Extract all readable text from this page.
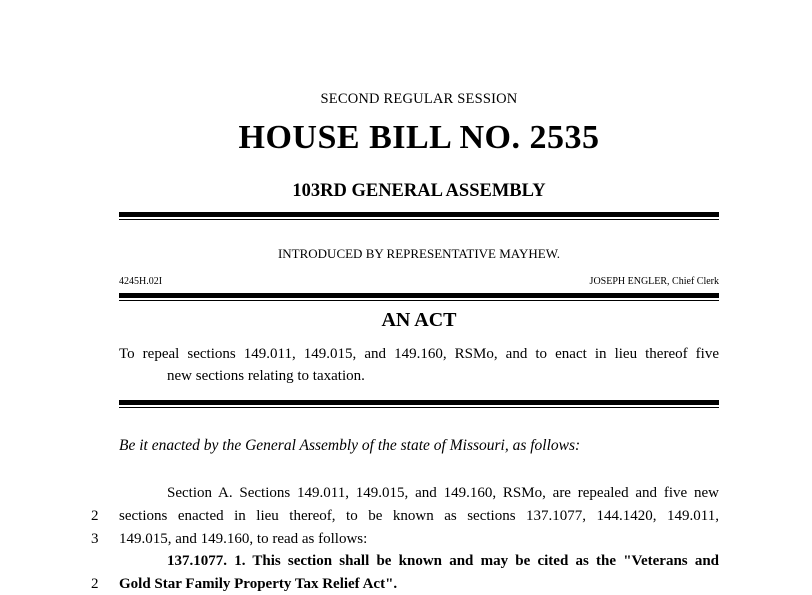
SECOND REGULAR SESSION
HOUSE BILL NO. 2535
103RD GENERAL ASSEMBLY
INTRODUCED BY REPRESENTATIVE MAYHEW.
4245H.02I	JOSEPH ENGLER, Chief Clerk
AN ACT
To repeal sections 149.011, 149.015, and 149.160, RSMo, and to enact in lieu thereof five
new sections relating to taxation.
Be it enacted by the General Assembly of the state of Missouri, as follows:
Section A. Sections 149.011, 149.015, and 149.160, RSMo, are repealed and five new
2	sections enacted in lieu thereof, to be known as sections 137.1077, 144.1420, 149.011,
3	149.015, and 149.160, to read as follows:
137.1077. 1. This section shall be known and may be cited as the "Veterans and
2	Gold Star Family Property Tax Relief Act".
